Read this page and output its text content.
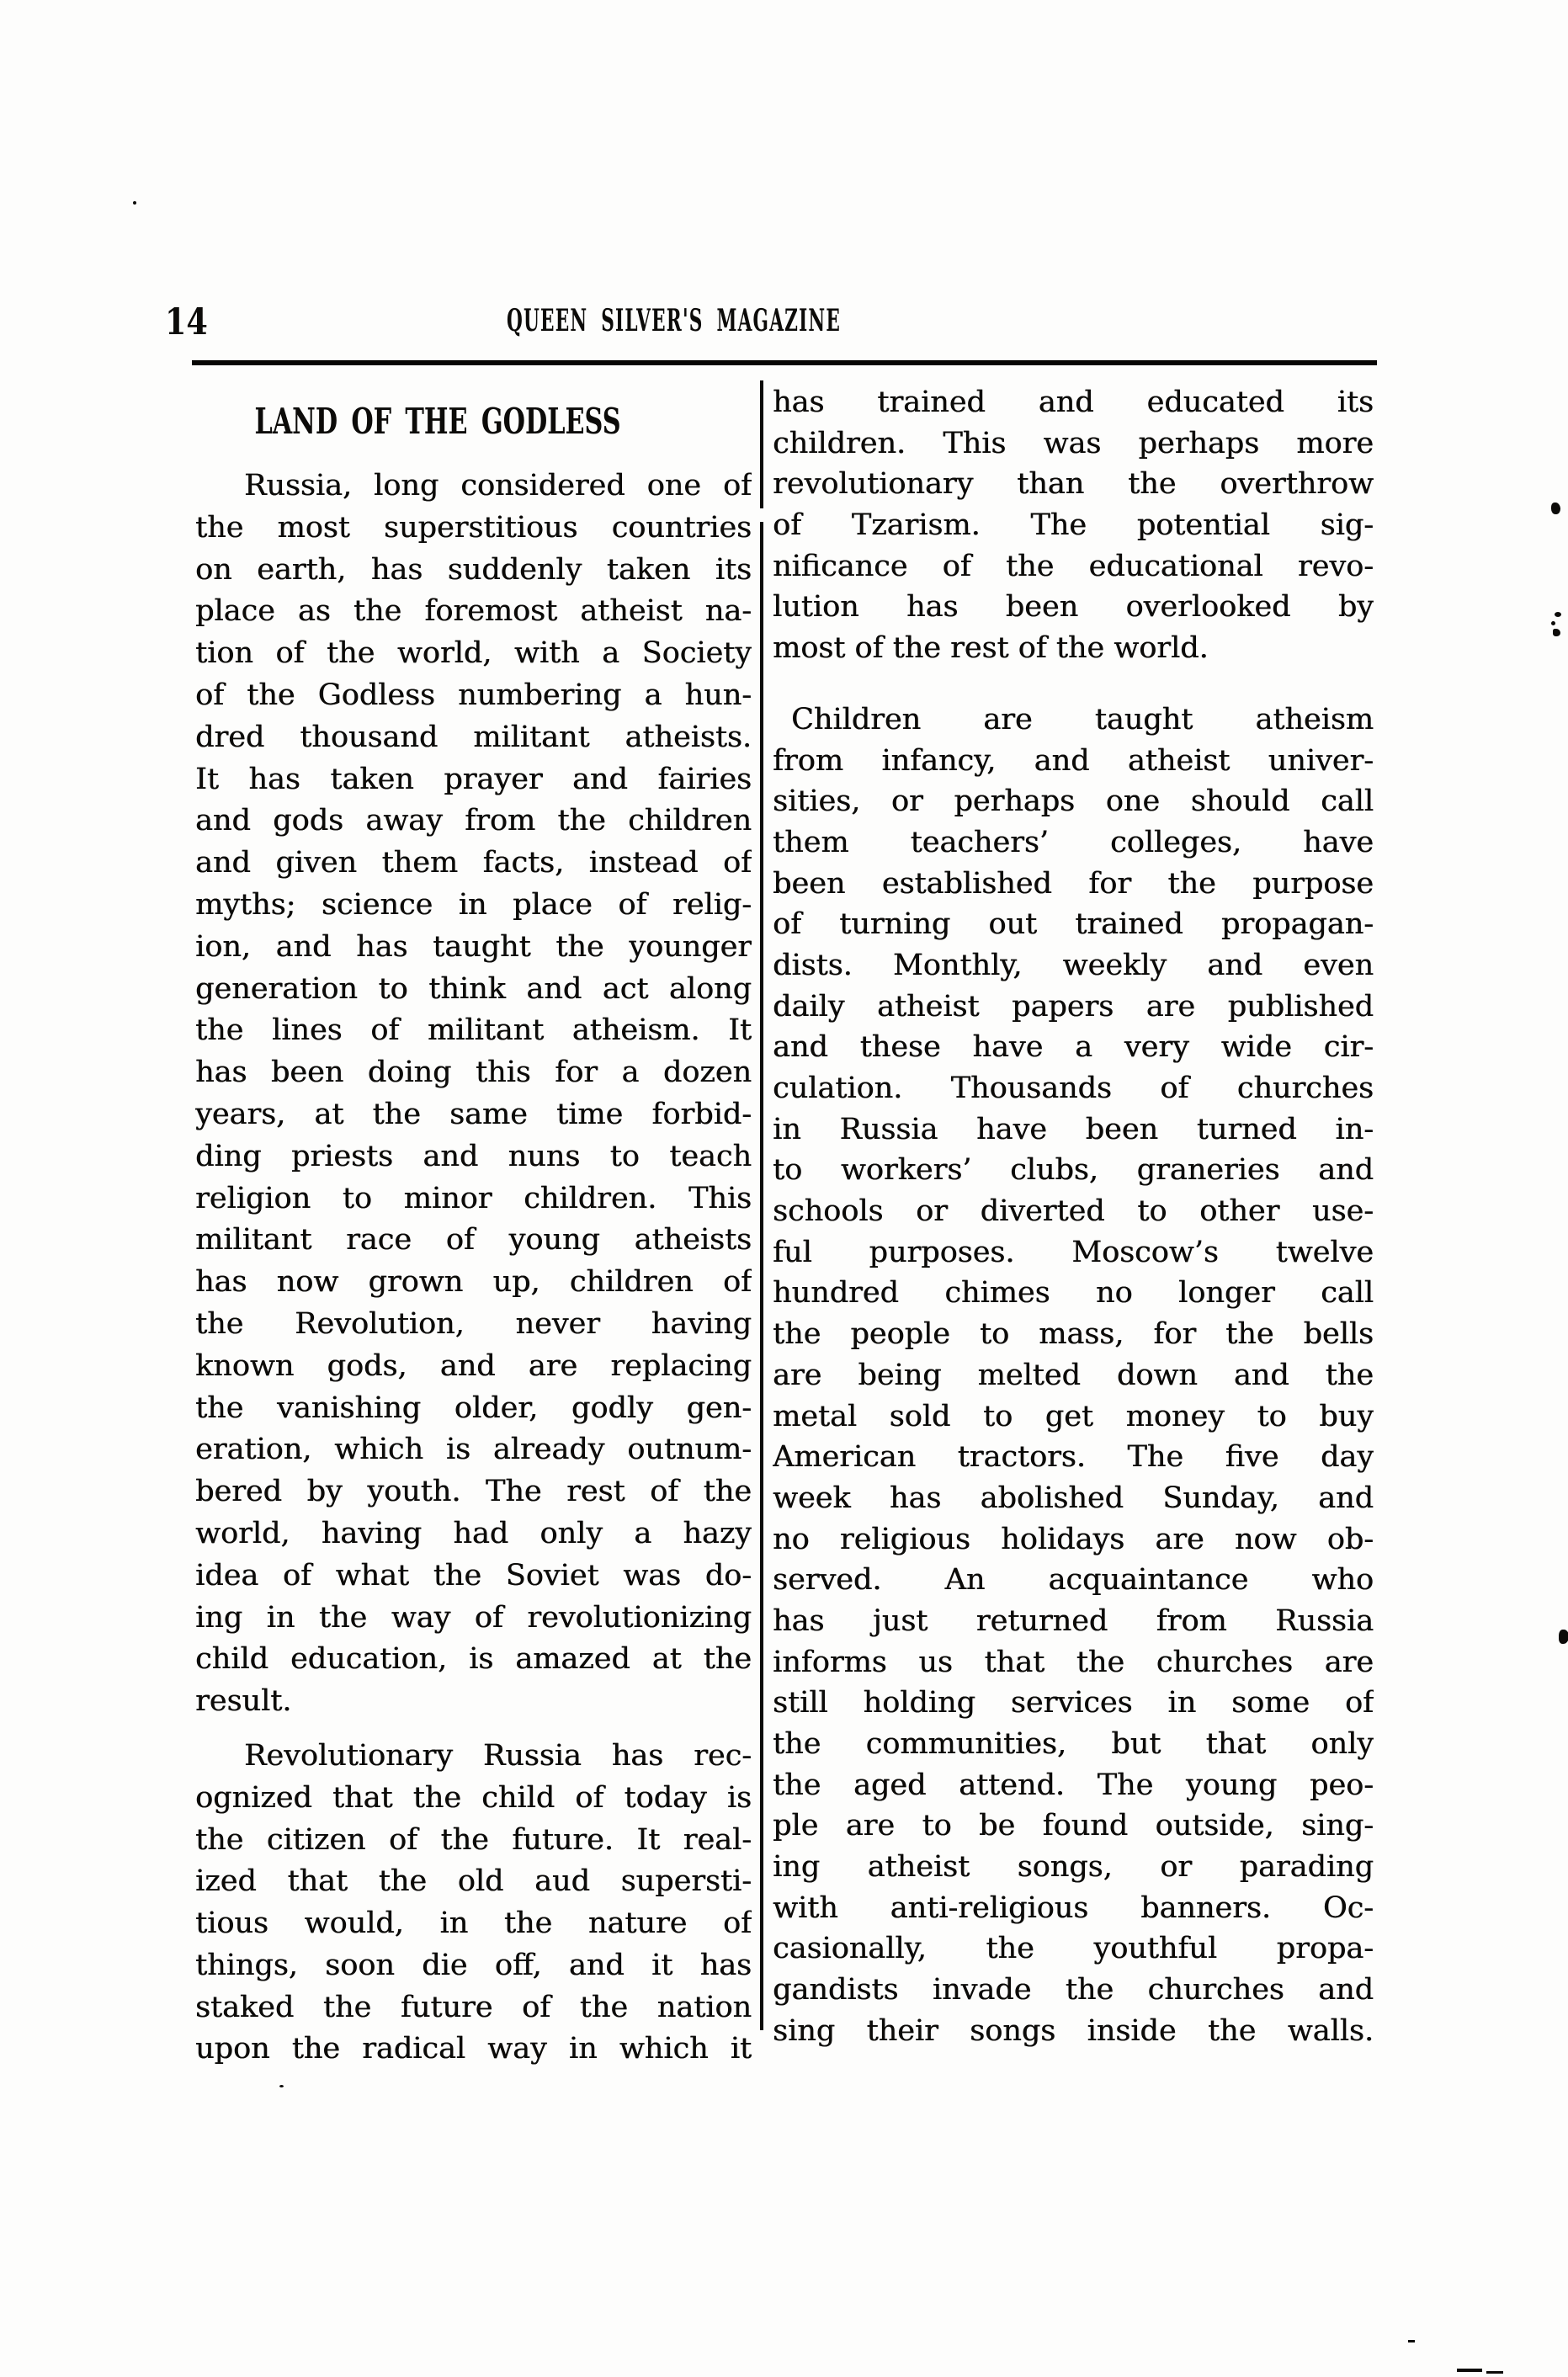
14	QUEEN SILVER'S MAGAZINE
LAND OF THE GODLESS
Russia, long considered one of
the most superstitious countries
on earth, has suddenly taken its
place as the foremost atheist na-
tion of the world, with a Society
of the Godless numbering a hun-
dred thousand militant atheists.
It has taken prayer and fairies
and gods away from the children
and given them facts, instead of
myths; science in place of relig-
ion, and has taught the younger
generation to think and act along
the lines of militant atheism. It
has been doing this for a dozen
years, at the same time forbid-
ding priests and nuns to teach
religion to minor children. This
militant race of young atheists
has now grown up, children of
the Revolution, never having
known gods, and are replacing
the vanishing older, godly gen-
eration, which is already outnum-
bered by youth. The rest of the
world, having had only a hazy
idea of what the Soviet was do-
ing in the way of revolutionizing
child education, is amazed at the
result.
Revolutionary Russia has rec-
ognized that the child of today is
the citizen of the future. It real-
ized that the old aud supersti-
tious would, in the nature of
things, soon die off, and it has
staked the future of the nation
upon the radical way in which it
has trained and educated its
children. This was perhaps more
revolutionary than the overthrow
of Tzarism. The potential sig-
nificance of the educational revo-
lution has been overlooked by
most of the rest of the world.
Children are taught atheism
from infancy, and atheist univer-
sities, or perhaps one should call
them teachers’ colleges, have
been established for the purpose
of turning out trained propagan-
dists. Monthly, weekly and even
daily atheist papers are published
and these have a very wide cir-
culation. Thousands of churches
in Russia have been turned in-
to workers’ clubs, graneries and
schools or diverted to other use-
ful purposes. Moscow’s twelve
hundred chimes no longer call
the people to mass, for the bells
are being melted down and the
metal sold to get money to buy
American tractors. The five day
week has abolished Sunday, and
no religious holidays are now ob-
served. An acquaintance who
has just returned from Russia
informs us that the churches are
still holding services in some of
the communities, but that only
the aged attend. The young peo-
ple are to be found outside, sing-
ing atheist songs, or parading
with anti-religious banners. Oc-
casionally, the youthful propa-
gandists invade the churches and
sing their songs inside the walls.
